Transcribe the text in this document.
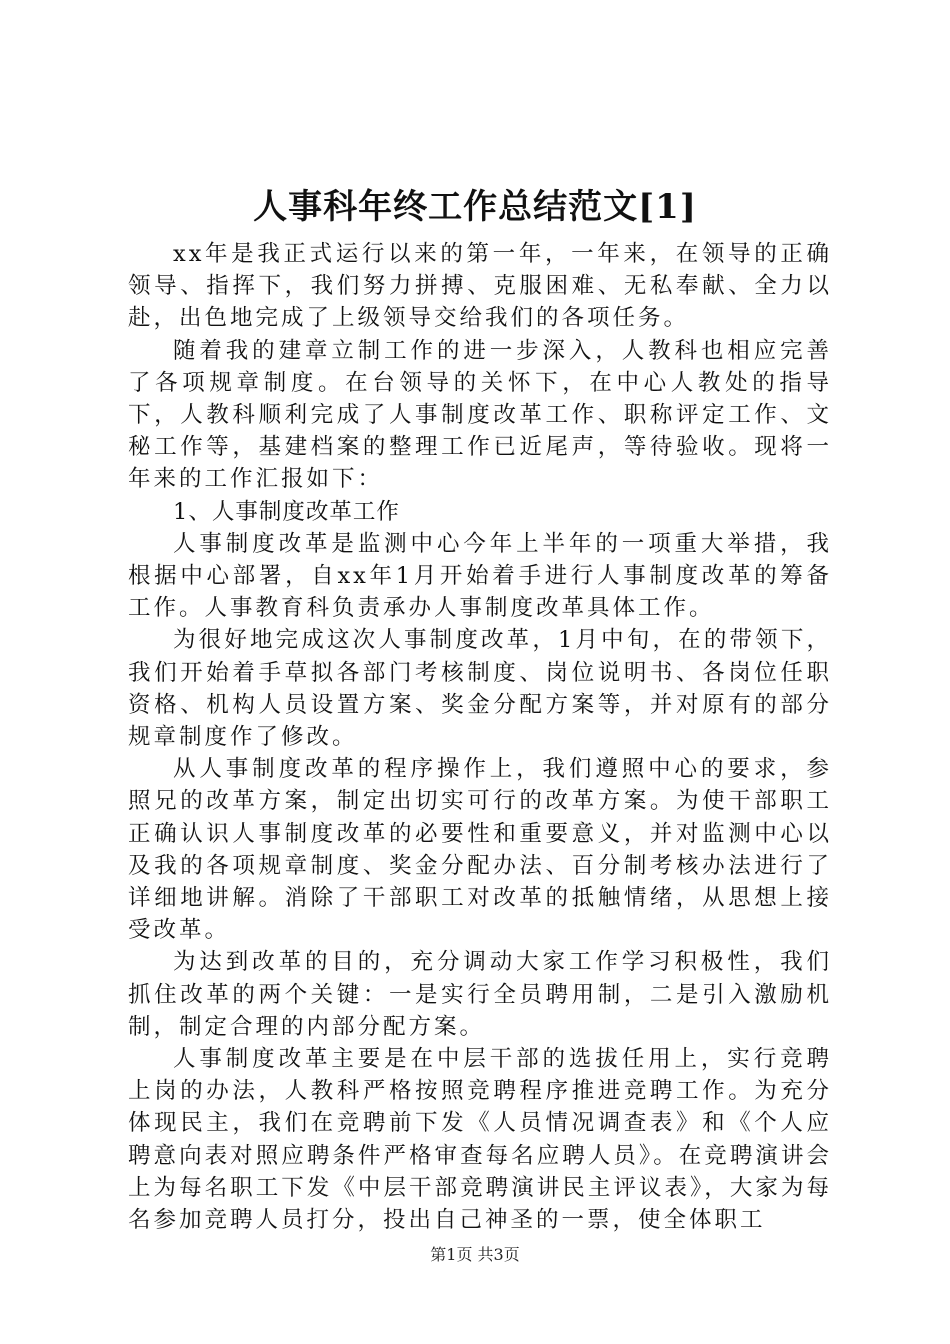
人事科年终工作总结范文[1]

xx年是我正式运行以来的第一年，一年来，在领导的正确领导、指挥下，我们努力拼搏、克服困难、无私奉献、全力以赴，出色地完成了上级领导交给我们的各项任务。

随着我的建章立制工作的进一步深入，人教科也相应完善了各项规章制度。在台领导的关怀下，在中心人教处的指导下，人教科顺利完成了人事制度改革工作、职称评定工作、文秘工作等，基建档案的整理工作已近尾声，等待验收。现将一年来的工作汇报如下：

1、人事制度改革工作

人事制度改革是监测中心今年上半年的一项重大举措，我根据中心部署，自xx年1月开始着手进行人事制度改革的筹备工作。人事教育科负责承办人事制度改革具体工作。

为很好地完成这次人事制度改革，1月中旬，在的带领下，我们开始着手草拟各部门考核制度、岗位说明书、各岗位任职资格、机构人员设置方案、奖金分配方案等，并对原有的部分规章制度作了修改。

从人事制度改革的程序操作上，我们遵照中心的要求，参照兄的改革方案，制定出切实可行的改革方案。为使干部职工正确认识人事制度改革的必要性和重要意义，并对监测中心以及我的各项规章制度、奖金分配办法、百分制考核办法进行了详细地讲解。消除了干部职工对改革的抵触情绪，从思想上接受改革。

为达到改革的目的，充分调动大家工作学习积极性，我们抓住改革的两个关键：一是实行全员聘用制，二是引入激励机制，制定合理的内部分配方案。

人事制度改革主要是在中层干部的选拔任用上，实行竞聘上岗的办法，人教科严格按照竞聘程序推进竞聘工作。为充分体现民主，我们在竞聘前下发《人员情况调查表》和《个人应聘意向表对照应聘条件严格审查每名应聘人员》。在竞聘演讲会上为每名职工下发《中层干部竞聘演讲民主评议表》，大家为每名参加竞聘人员打分，投出自己神圣的一票，使全体职工

第1页 共3页
